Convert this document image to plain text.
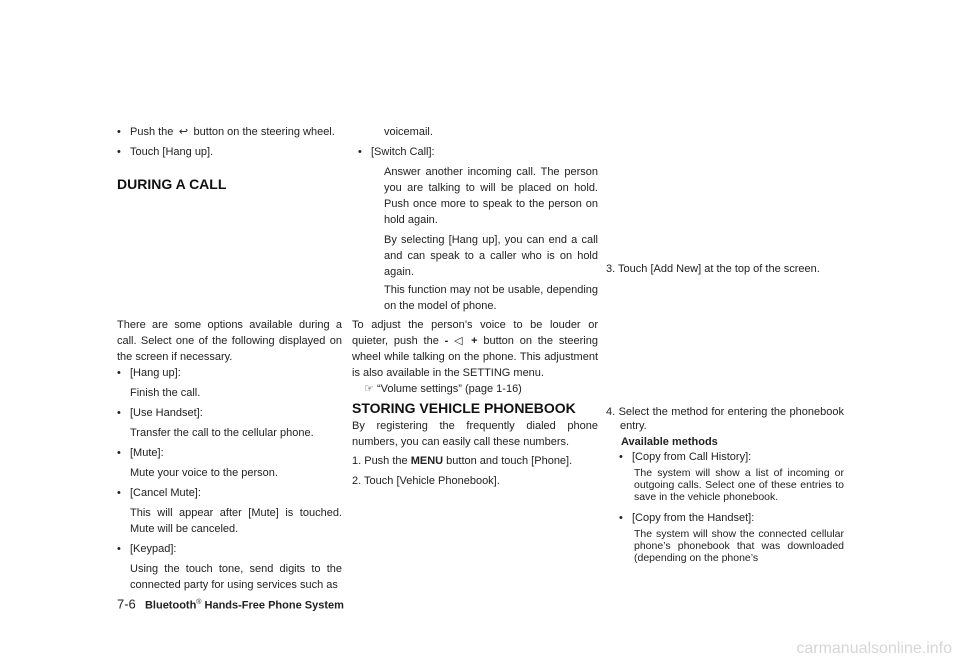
• Push the ↩ button on the steering wheel.
• Touch [Hang up].
DURING A CALL
There are some options available during a call. Select one of the following displayed on the screen if necessary.
• [Hang up]:
Finish the call.
• [Use Handset]:
Transfer the call to the cellular phone.
• [Mute]:
Mute your voice to the person.
• [Cancel Mute]:
This will appear after [Mute] is touched. Mute will be canceled.
• [Keypad]:
Using the touch tone, send digits to the connected party for using services such as
voicemail.
• [Switch Call]:
Answer another incoming call. The person you are talking to will be placed on hold. Push once more to speak to the person on hold again.
By selecting [Hang up], you can end a call and can speak to a caller who is on hold again.
This function may not be usable, depending on the model of phone.
To adjust the person’s voice to be louder or quieter, push the - ◁ + button on the steering wheel while talking on the phone. This adjustment is also available in the SETTING menu.
☞ “Volume settings” (page 1-16)
STORING VEHICLE PHONEBOOK
By registering the frequently dialed phone numbers, you can easily call these numbers.
1. Push the MENU button and touch [Phone].
2. Touch [Vehicle Phonebook].
3. Touch [Add New] at the top of the screen.
4. Select the method for entering the phonebook entry.
Available methods
• [Copy from Call History]:
The system will show a list of incoming or outgoing calls. Select one of these entries to save in the vehicle phonebook.
• [Copy from the Handset]:
The system will show the connected cellular phone’s phonebook that was downloaded (depending on the phone’s
7-6 Bluetooth® Hands-Free Phone System
carmanualsonline.info
